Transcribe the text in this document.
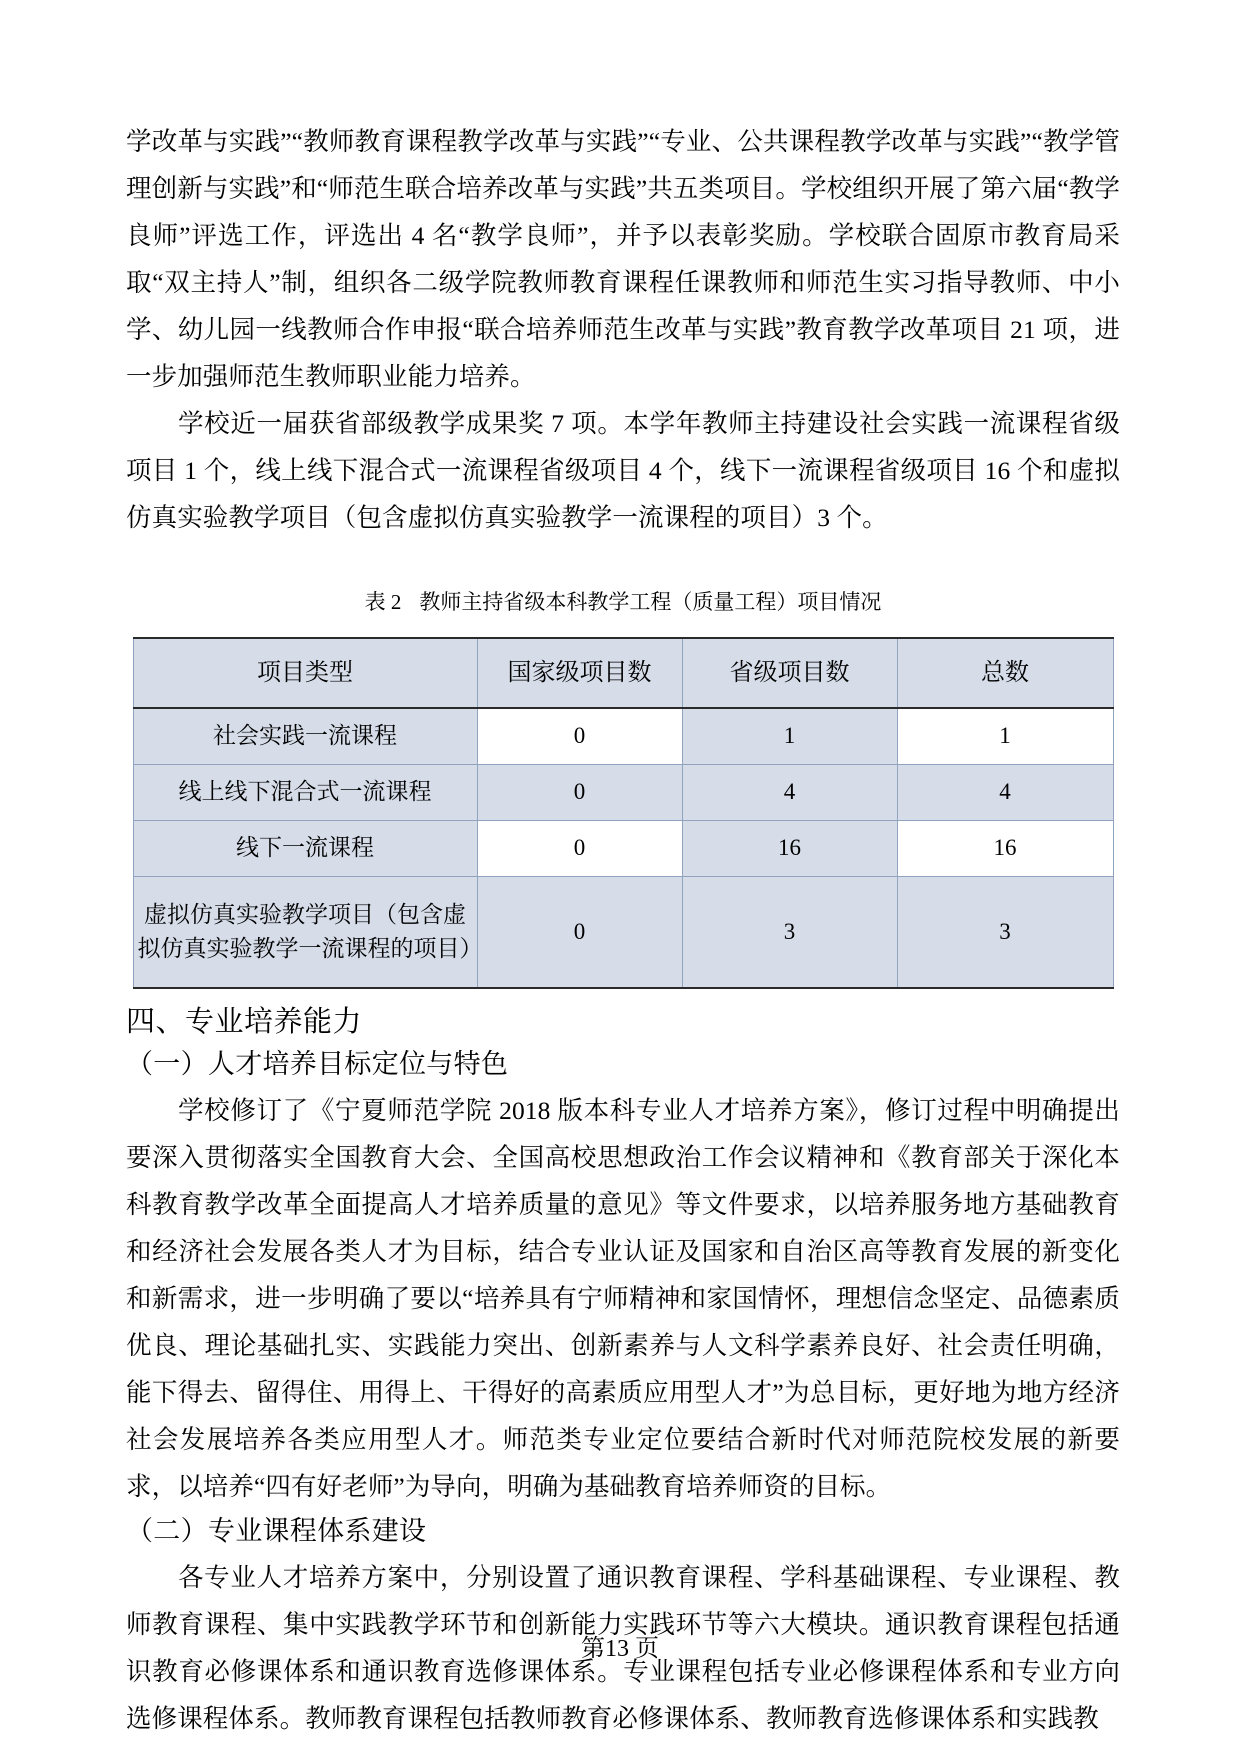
学改革与实践”“教师教育课程教学改革与实践”“专业、公共课程教学改革与实践”“教学管理创新与实践”和“师范生联合培养改革与实践”共五类项目。学校组织开展了第六届“教学良师”评选工作，评选出 4 名“教学良师”，并予以表彰奖励。学校联合固原市教育局采取“双主持人”制，组织各二级学院教师教育课程任课教师和师范生实习指导教师、中小学、幼儿园一线教师合作申报“联合培养师范生改革与实践”教育教学改革项目 21 项，进一步加强师范生教师职业能力培养。

学校近一届获省部级教学成果奖 7 项。本学年教师主持建设社会实践一流课程省级项目 1 个，线上线下混合式一流课程省级项目 4 个，线下一流课程省级项目 16 个和虚拟仿真实验教学项目（包含虚拟仿真实验教学一流课程的项目）3 个。

表 2 教师主持省级本科教学工程（质量工程）项目情况
项目类型	国家级项目数	省级项目数	总数
社会实践一流课程	0	1	1
线上线下混合式一流课程	0	4	4
线下一流课程	0	16	16
虚拟仿真实验教学项目（包含虚拟仿真实验教学一流课程的项目）	0	3	3
四、专业培养能力
（一）人才培养目标定位与特色

学校修订了《宁夏师范学院 2018 版本科专业人才培养方案》，修订过程中明确提出要深入贯彻落实全国教育大会、全国高校思想政治工作会议精神和《教育部关于深化本科教育教学改革全面提高人才培养质量的意见》等文件要求，以培养服务地方基础教育和经济社会发展各类人才为目标，结合专业认证及国家和自治区高等教育发展的新变化和新需求，进一步明确了要以“培养具有宁师精神和家国情怀，理想信念坚定、品德素质优良、理论基础扎实、实践能力突出、创新素养与人文科学素养良好、社会责任明确，能下得去、留得住、用得上、干得好的高素质应用型人才”为总目标，更好地为地方经济社会发展培养各类应用型人才。师范类专业定位要结合新时代对师范院校发展的新要求，以培养“四有好老师”为导向，明确为基础教育培养师资的目标。

（二）专业课程体系建设

各专业人才培养方案中，分别设置了通识教育课程、学科基础课程、专业课程、教师教育课程、集中实践教学环节和创新能力实践环节等六大模块。通识教育课程包括通识教育必修课体系和通识教育选修课体系。专业课程包括专业必修课程体系和专业方向选修课程体系。教师教育课程包括教师教育必修课体系、教师教育选修课体系和实践教

第13 页
